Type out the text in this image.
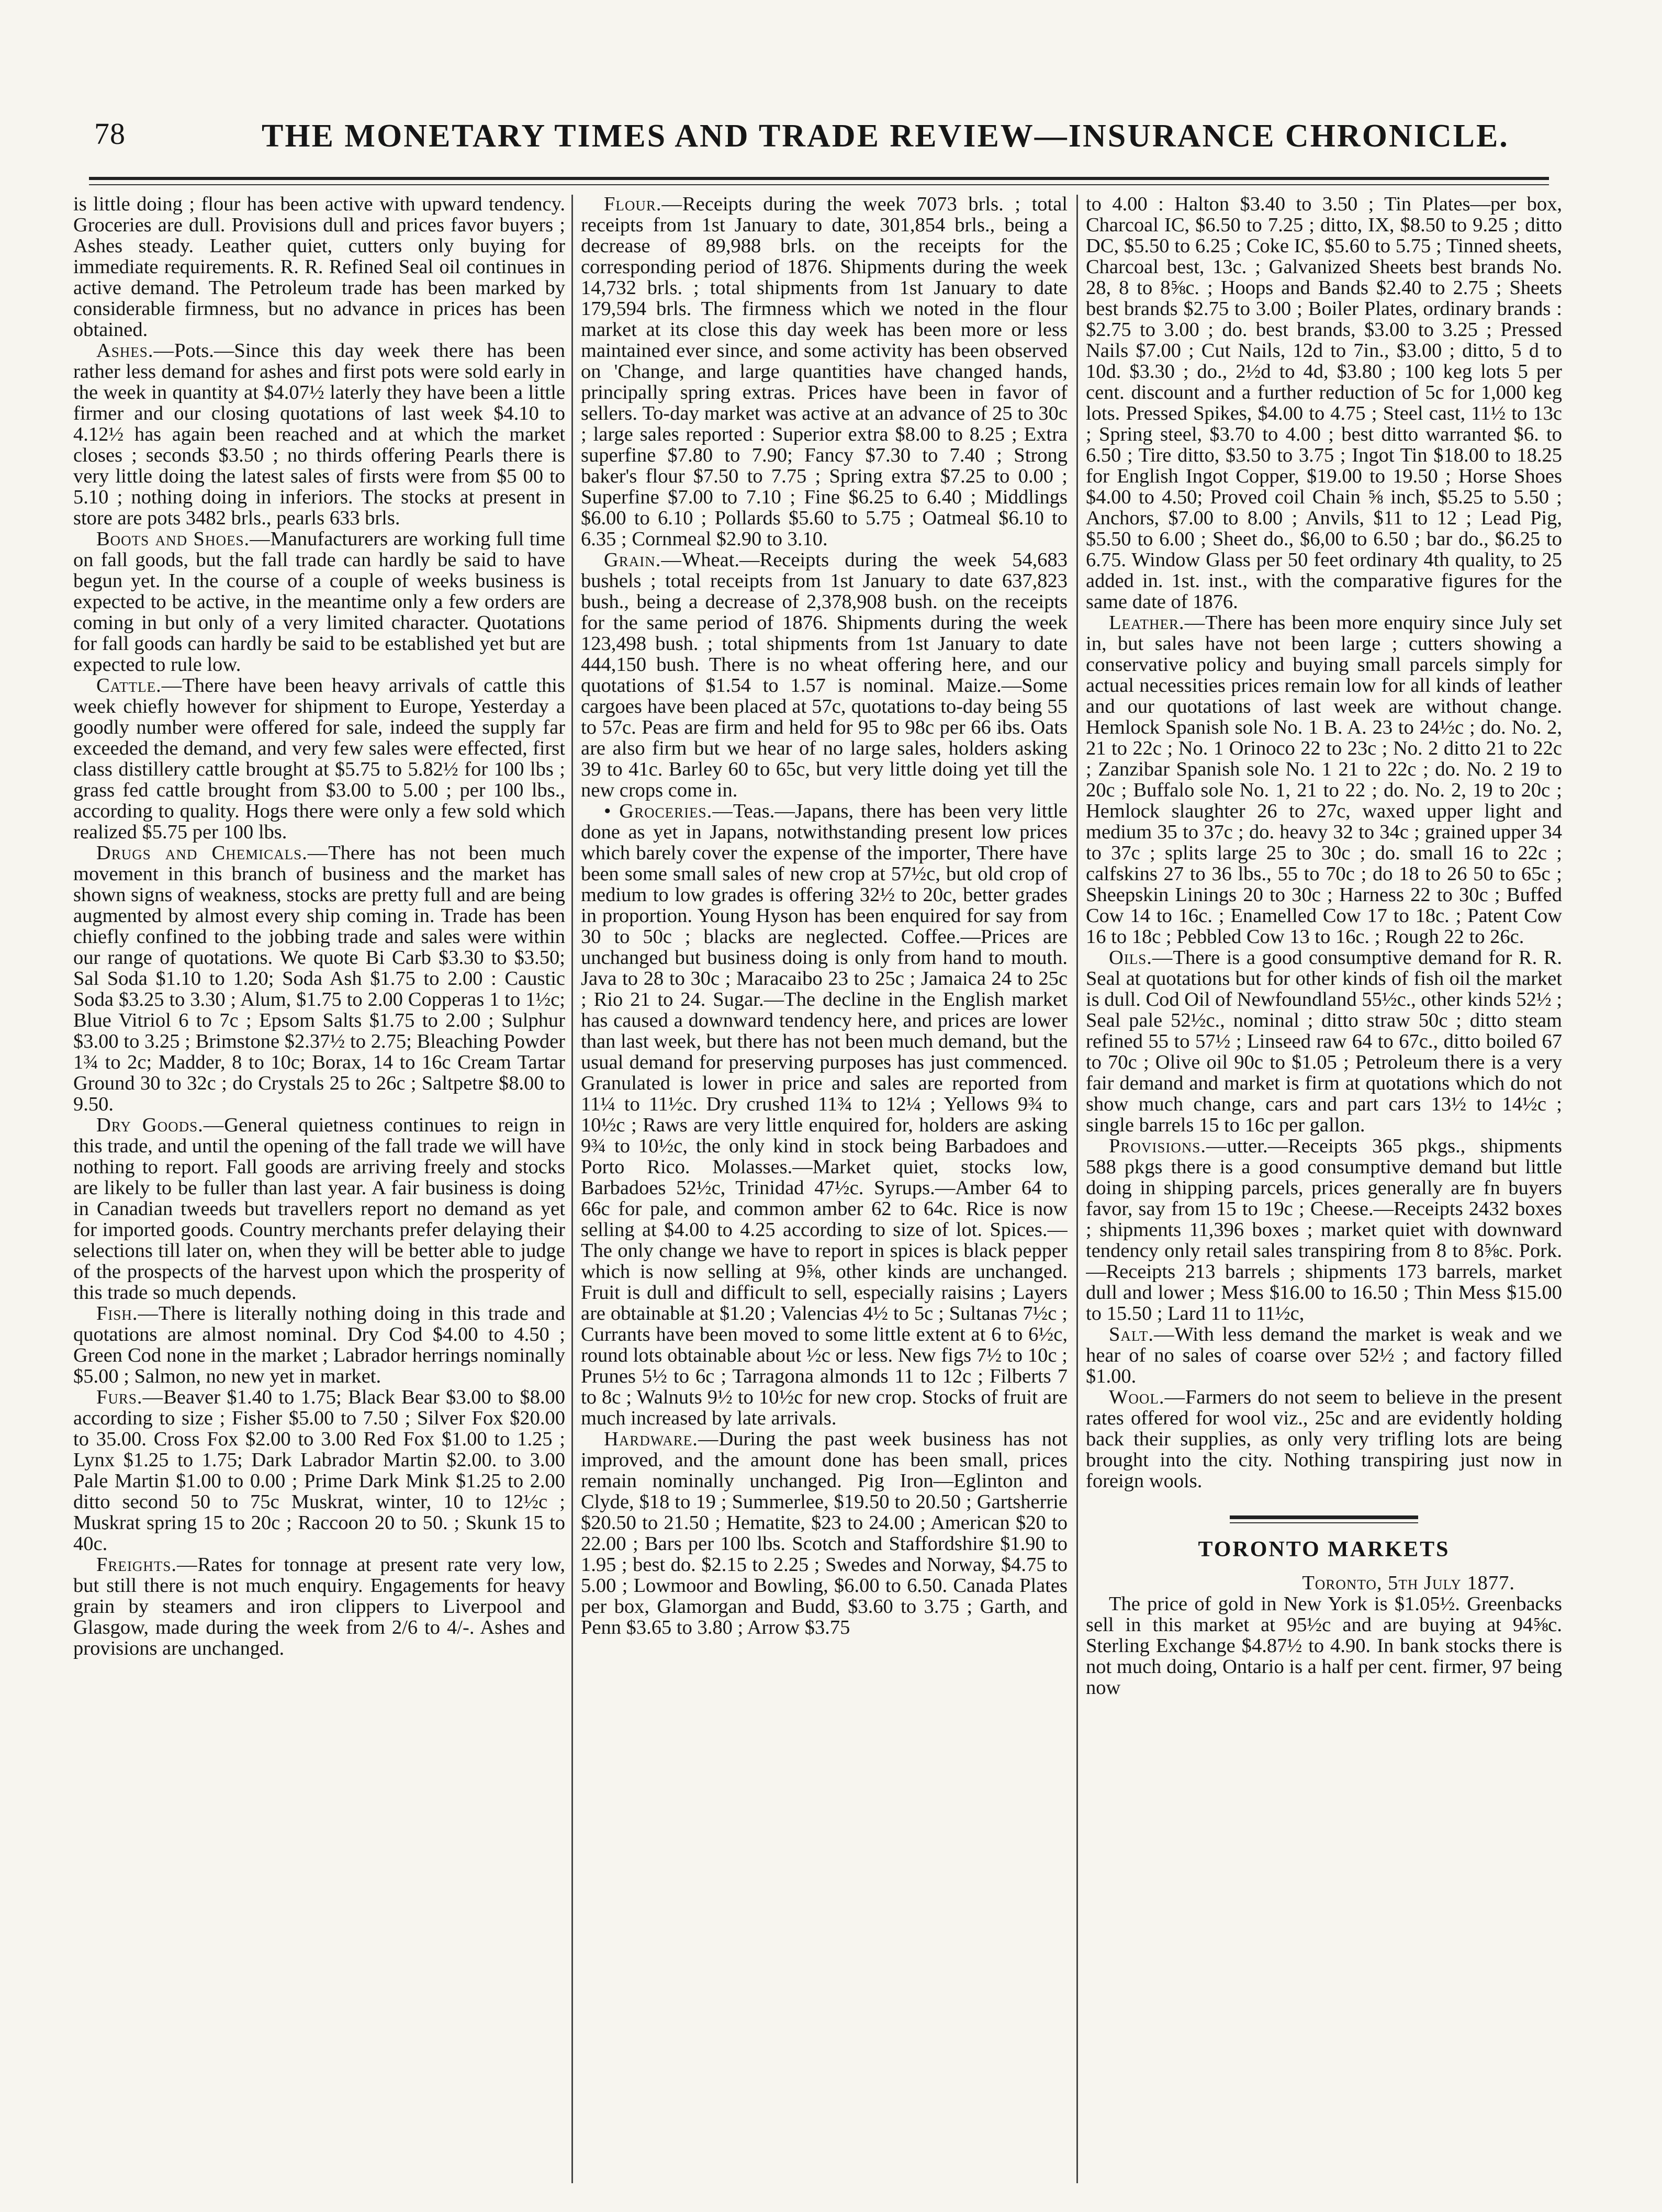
78	THE MONETARY TIMES AND TRADE REVIEW—INSURANCE CHRONICLE.

is little doing ; flour has been active with upward tendency. Groceries are dull. Provisions dull and prices favor buyers ; Ashes steady. Leather quiet, cutters only buying for immediate requirements. R. R. Refined Seal oil continues in active demand. The Petroleum trade has been marked by considerable firmness, but no advance in prices has been obtained.

Ashes.—Pots.—Since this day week there has been rather less demand for ashes and first pots were sold early in the week in quantity at $4.07½ laterly they have been a little firmer and our closing quotations of last week $4.10 to 4.12½ has again been reached and at which the market closes ; seconds $3.50 ; no thirds offering Pearls there is very little doing the latest sales of firsts were from $5 00 to 5.10 ; nothing doing in inferiors. The stocks at present in store are pots 3482 brls., pearls 633 brls.

Boots and Shoes.—Manufacturers are working full time on fall goods, but the fall trade can hardly be said to have begun yet. In the course of a couple of weeks business is expected to be active, in the meantime only a few orders are coming in but only of a very limited character. Quotations for fall goods can hardly be said to be established yet but are expected to rule low.

Cattle.—There have been heavy arrivals of cattle this week chiefly however for shipment to Europe, Yesterday a goodly number were offered for sale, indeed the supply far exceeded the demand, and very few sales were effected, first class distillery cattle brought at $5.75 to 5.82½ for 100 lbs ; grass fed cattle brought from $3.00 to 5.00 ; per 100 lbs., according to quality. Hogs there were only a few sold which realized $5.75 per 100 lbs.

Drugs and Chemicals.—There has not been much movement in this branch of business and the market has shown signs of weakness, stocks are pretty full and are being augmented by almost every ship coming in. Trade has been chiefly confined to the jobbing trade and sales were within our range of quotations. We quote Bi Carb $3.30 to $3.50; Sal Soda $1.10 to 1.20; Soda Ash $1.75 to 2.00 : Caustic Soda $3.25 to 3.30 ; Alum, $1.75 to 2.00 Copperas 1 to 1½c; Blue Vitriol 6 to 7c ; Epsom Salts $1.75 to 2.00 ; Sulphur $3.00 to 3.25 ; Brimstone $2.37½ to 2.75; Bleaching Powder 1¾ to 2c; Madder, 8 to 10c; Borax, 14 to 16c Cream Tartar Ground 30 to 32c ; do Crystals 25 to 26c ; Saltpetre $8.00 to 9.50.

Dry Goods.—General quietness continues to reign in this trade, and until the opening of the fall trade we will have nothing to report. Fall goods are arriving freely and stocks are likely to be fuller than last year. A fair business is doing in Canadian tweeds but travellers report no demand as yet for imported goods. Country merchants prefer delaying their selections till later on, when they will be better able to judge of the prospects of the harvest upon which the prosperity of this trade so much depends.

Fish.—There is literally nothing doing in this trade and quotations are almost nominal. Dry Cod $4.00 to 4.50 ; Green Cod none in the market ; Labrador herrings nominally $5.00 ; Salmon, no new yet in market.

Furs.—Beaver $1.40 to 1.75; Black Bear $3.00 to $8.00 according to size ; Fisher $5.00 to 7.50 ; Silver Fox $20.00 to 35.00. Cross Fox $2.00 to 3.00 Red Fox $1.00 to 1.25 ; Lynx $1.25 to 1.75; Dark Labrador Martin $2.00. to 3.00 Pale Martin $1.00 to 0.00 ; Prime Dark Mink $1.25 to 2.00 ditto second 50 to 75c Muskrat, winter, 10 to 12½c ; Muskrat spring 15 to 20c ; Raccoon 20 to 50. ; Skunk 15 to 40c.

Freights.—Rates for tonnage at present rate very low, but still there is not much enquiry. Engagements for heavy grain by steamers and iron clippers to Liverpool and Glasgow, made during the week from 2/6 to 4/-. Ashes and provisions are unchanged.

Flour.—Receipts during the week 7073 brls. ; total receipts from 1st January to date, 301,854 brls., being a decrease of 89,988 brls. on the receipts for the corresponding period of 1876. Shipments during the week 14,732 brls. ; total shipments from 1st January to date 179,594 brls. The firmness which we noted in the flour market at its close this day week has been more or less maintained ever since, and some activity has been observed on 'Change, and large quantities have changed hands, principally spring extras. Prices have been in favor of sellers. To-day market was active at an advance of 25 to 30c ; large sales reported : Superior extra $8.00 to 8.25 ; Extra superfine $7.80 to 7.90; Fancy $7.30 to 7.40 ; Strong baker's flour $7.50 to 7.75 ; Spring extra $7.25 to 0.00 ; Superfine $7.00 to 7.10 ; Fine $6.25 to 6.40 ; Middlings $6.00 to 6.10 ; Pollards $5.60 to 5.75 ; Oatmeal $6.10 to 6.35 ; Cornmeal $2.90 to 3.10.

Grain.—Wheat.—Receipts during the week 54,683 bushels ; total receipts from 1st January to date 637,823 bush., being a decrease of 2,378,908 bush. on the receipts for the same period of 1876. Shipments during the week 123,498 bush. ; total shipments from 1st January to date 444,150 bush. There is no wheat offering here, and our quotations of $1.54 to 1.57 is nominal. Maize.—Some cargoes have been placed at 57c, quotations to-day being 55 to 57c. Peas are firm and held for 95 to 98c per 66 ibs. Oats are also firm but we hear of no large sales, holders asking 39 to 41c. Barley 60 to 65c, but very little doing yet till the new crops come in.

• Groceries.—Teas.—Japans, there has been very little done as yet in Japans, notwithstanding present low prices which barely cover the expense of the importer, There have been some small sales of new crop at 57½c, but old crop of medium to low grades is offering 32½ to 20c, better grades in proportion. Young Hyson has been enquired for say from 30 to 50c ; blacks are neglected. Coffee.—Prices are unchanged but business doing is only from hand to mouth. Java to 28 to 30c ; Maracaibo 23 to 25c ; Jamaica 24 to 25c ; Rio 21 to 24. Sugar.—The decline in the English market has caused a downward tendency here, and prices are lower than last week, but there has not been much demand, but the usual demand for preserving purposes has just commenced. Granulated is lower in price and sales are reported from 11¼ to 11½c. Dry crushed 11¾ to 12¼ ; Yellows 9¾ to 10½c ; Raws are very little enquired for, holders are asking 9¾ to 10½c, the only kind in stock being Barbadoes and Porto Rico. Molasses.—Market quiet, stocks low, Barbadoes 52½c, Trinidad 47½c. Syrups.—Amber 64 to 66c for pale, and common amber 62 to 64c. Rice is now selling at $4.00 to 4.25 according to size of lot. Spices.—The only change we have to report in spices is black pepper which is now selling at 9⅝, other kinds are unchanged. Fruit is dull and difficult to sell, especially raisins ; Layers are obtainable at $1.20 ; Valencias 4½ to 5c ; Sultanas 7½c ; Currants have been moved to some little extent at 6 to 6½c, round lots obtainable about ½c or less. New figs 7½ to 10c ; Prunes 5½ to 6c ; Tarragona almonds 11 to 12c ; Filberts 7 to 8c ; Walnuts 9½ to 10½c for new crop. Stocks of fruit are much increased by late arrivals.

Hardware.—During the past week business has not improved, and the amount done has been small, prices remain nominally unchanged. Pig Iron—Eglinton and Clyde, $18 to 19 ; Summerlee, $19.50 to 20.50 ; Gartsherrie $20.50 to 21.50 ; Hematite, $23 to 24.00 ; American $20 to 22.00 ; Bars per 100 lbs. Scotch and Staffordshire $1.90 to 1.95 ; best do. $2.15 to 2.25 ; Swedes and Norway, $4.75 to 5.00 ; Lowmoor and Bowling, $6.00 to 6.50. Canada Plates per box, Glamorgan and Budd, $3.60 to 3.75 ; Garth, and Penn $3.65 to 3.80 ; Arrow $3.75

to 4.00 : Halton $3.40 to 3.50 ; Tin Plates—per box, Charcoal IC, $6.50 to 7.25 ; ditto, IX, $8.50 to 9.25 ; ditto DC, $5.50 to 6.25 ; Coke IC, $5.60 to 5.75 ; Tinned sheets, Charcoal best, 13c. ; Galvanized Sheets best brands No. 28, 8 to 8⅝c. ; Hoops and Bands $2.40 to 2.75 ; Sheets best brands $2.75 to 3.00 ; Boiler Plates, ordinary brands : $2.75 to 3.00 ; do. best brands, $3.00 to 3.25 ; Pressed Nails $7.00 ; Cut Nails, 12d to 7in., $3.00 ; ditto, 5 d to 10d. $3.30 ; do., 2½d to 4d, $3.80 ; 100 keg lots 5 per cent. discount and a further reduction of 5c for 1,000 keg lots. Pressed Spikes, $4.00 to 4.75 ; Steel cast, 11½ to 13c ; Spring steel, $3.70 to 4.00 ; best ditto warranted $6. to 6.50 ; Tire ditto, $3.50 to 3.75 ; Ingot Tin $18.00 to 18.25 for English Ingot Copper, $19.00 to 19.50 ; Horse Shoes $4.00 to 4.50; Proved coil Chain ⅝ inch, $5.25 to 5.50 ; Anchors, $7.00 to 8.00 ; Anvils, $11 to 12 ; Lead Pig, $5.50 to 6.00 ; Sheet do., $6,00 to 6.50 ; bar do., $6.25 to 6.75. Window Glass per 50 feet ordinary 4th quality, to 25 added in. 1st. inst., with the comparative figures for the same date of 1876.

Leather.—There has been more enquiry since July set in, but sales have not been large ; cutters showing a conservative policy and buying small parcels simply for actual necessities prices remain low for all kinds of leather and our quotations of last week are without change. Hemlock Spanish sole No. 1 B. A. 23 to 24½c ; do. No. 2, 21 to 22c ; No. 1 Orinoco 22 to 23c ; No. 2 ditto 21 to 22c ; Zanzibar Spanish sole No. 1 21 to 22c ; do. No. 2 19 to 20c ; Buffalo sole No. 1, 21 to 22 ; do. No. 2, 19 to 20c ; Hemlock slaughter 26 to 27c, waxed upper light and medium 35 to 37c ; do. heavy 32 to 34c ; grained upper 34 to 37c ; splits large 25 to 30c ; do. small 16 to 22c ; calfskins 27 to 36 lbs., 55 to 70c ; do 18 to 26 50 to 65c ; Sheepskin Linings 20 to 30c ; Harness 22 to 30c ; Buffed Cow 14 to 16c. ; Enamelled Cow 17 to 18c. ; Patent Cow 16 to 18c ; Pebbled Cow 13 to 16c. ; Rough 22 to 26c.

Oils.—There is a good consumptive demand for R. R. Seal at quotations but for other kinds of fish oil the market is dull. Cod Oil of Newfoundland 55½c., other kinds 52½ ; Seal pale 52½c., nominal ; ditto straw 50c ; ditto steam refined 55 to 57½ ; Linseed raw 64 to 67c., ditto boiled 67 to 70c ; Olive oil 90c to $1.05 ; Petroleum there is a very fair demand and market is firm at quotations which do not show much change, cars and part cars 13½ to 14½c ; single barrels 15 to 16c per gallon.

Provisions.—utter.—Receipts 365 pkgs., shipments 588 pkgs there is a good consumptive demand but little doing in shipping parcels, prices generally are fn buyers favor, say from 15 to 19c ; Cheese.—Receipts 2432 boxes ; shipments 11,396 boxes ; market quiet with downward tendency only retail sales transpiring from 8 to 8⅝c. Pork.—Receipts 213 barrels ; shipments 173 barrels, market dull and lower ; Mess $16.00 to 16.50 ; Thin Mess $15.00 to 15.50 ; Lard 11 to 11½c,

Salt.—With less demand the market is weak and we hear of no sales of coarse over 52½ ; and factory filled $1.00.

Wool.—Farmers do not seem to believe in the present rates offered for wool viz., 25c and are evidently holding back their supplies, as only very trifling lots are being brought into the city. Nothing transpiring just now in foreign wools.

TORONTO MARKETS

Toronto, 5th July 1877.

The price of gold in New York is $1.05½. Greenbacks sell in this market at 95½c and are buying at 94⅝c. Sterling Exchange $4.87½ to 4.90. In bank stocks there is not much doing, Ontario is a half per cent. firmer, 97 being now
